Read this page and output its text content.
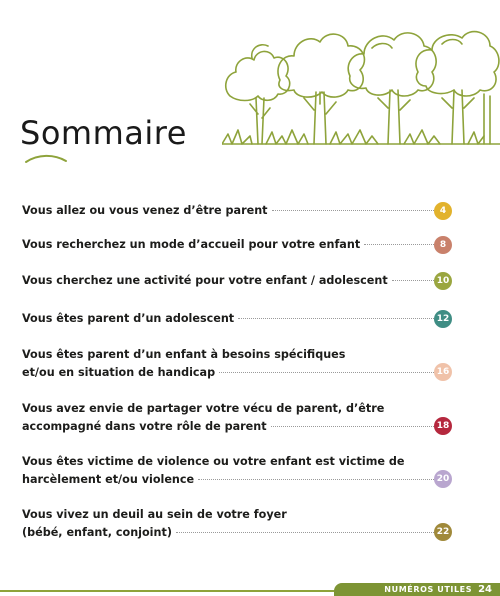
Sommaire
Vous allez ou vous venez d’être parent	4
Vous recherchez un mode d’accueil pour votre enfant	8
Vous cherchez une activité pour votre enfant / adolescent	10
Vous êtes parent d’un adolescent	12
Vous êtes parent d’un enfant à besoins spécifiques
et/ou en situation de handicap	16
Vous avez envie de partager votre vécu de parent, d’être
accompagné dans votre rôle de parent	18
Vous êtes victime de violence ou votre enfant est victime de
harcèlement et/ou violence	20
Vous vivez un deuil au sein de votre foyer
(bébé, enfant, conjoint)	22
NUMÉROS UTILES 24
